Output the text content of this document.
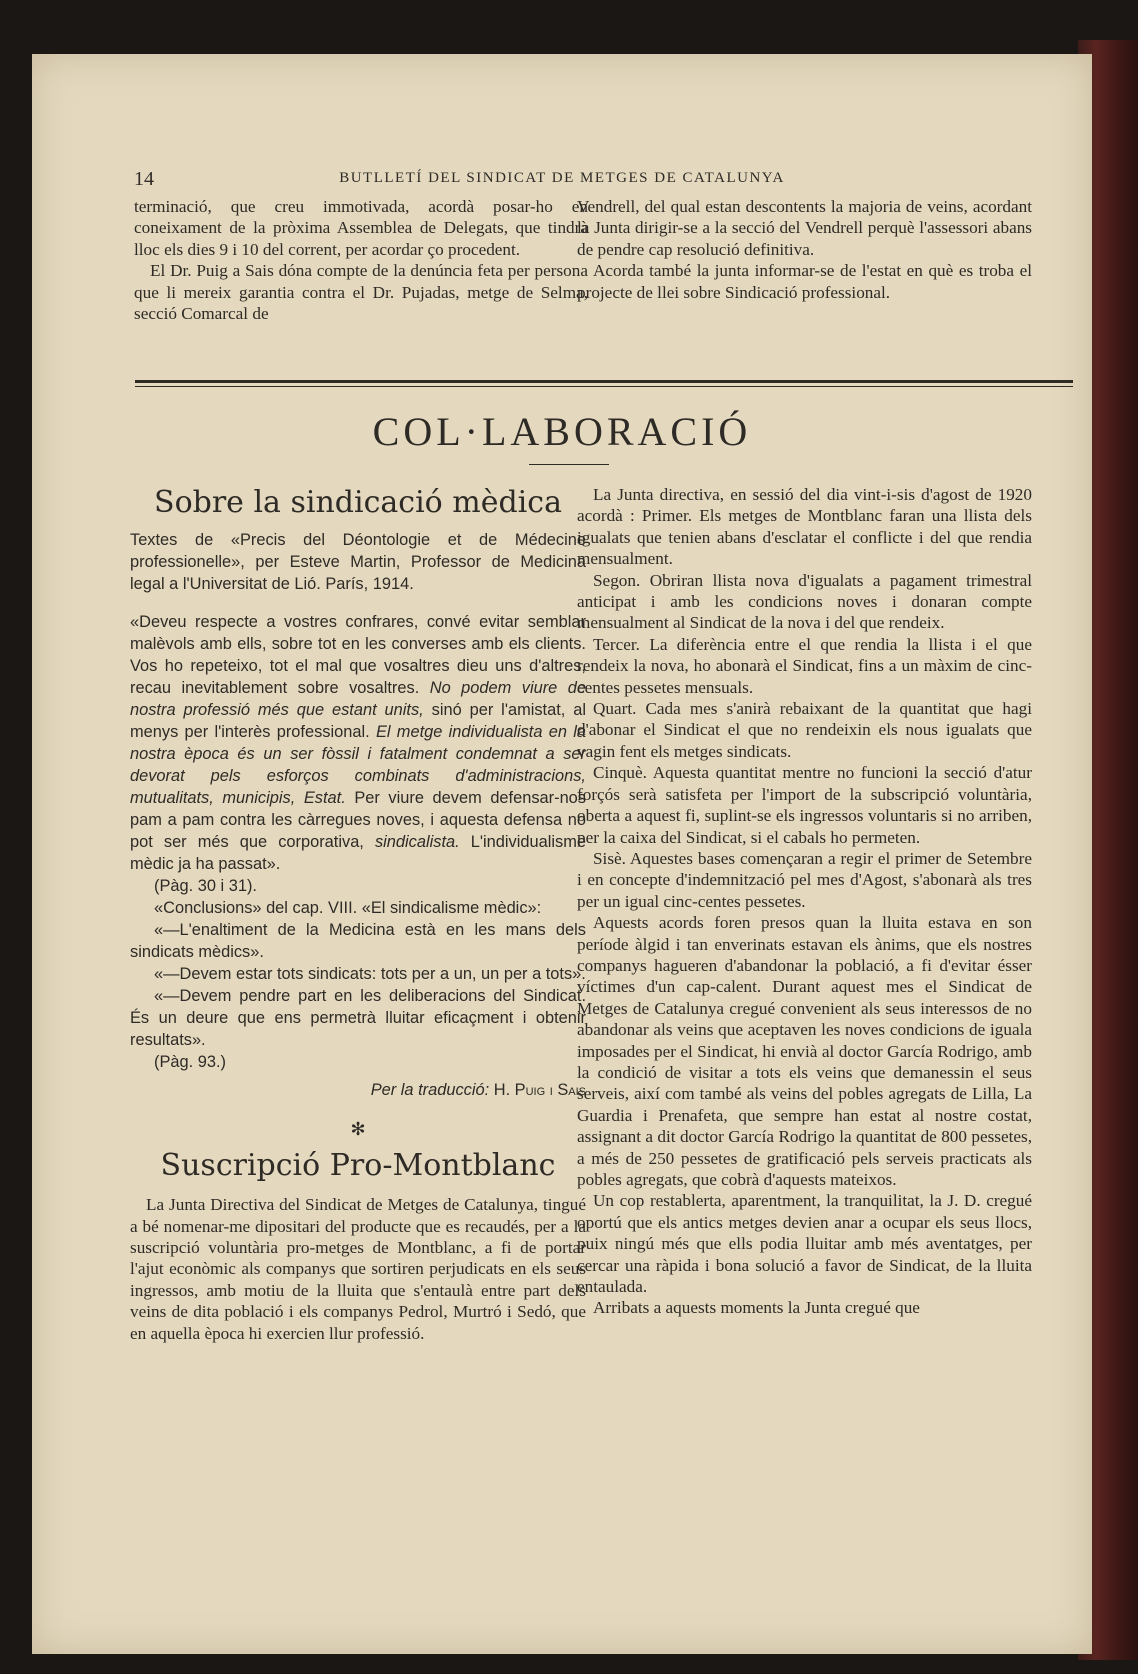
14	BUTLLETÍ DEL SINDICAT DE METGES DE CATALUNYA

terminació, que creu immotivada, acordà posar-ho en coneixament de la pròxima Assemblea de Delegats, que tindrà lloc els dies 9 i 10 del corrent, per acordar ço procedent.

El Dr. Puig a Sais dóna compte de la denúncia feta per persona que li mereix garantia contra el Dr. Pujadas, metge de Selma, secció Comarcal de

Vendrell, del qual estan descontents la majoria de veins, acordant la Junta dirigir-se a la secció del Vendrell perquè l'assessori abans de pendre cap resolució definitiva.

Acorda també la junta informar-se de l'estat en què es troba el projecte de llei sobre Sindicació professional.

COL·LABORACIÓ
Sobre la sindicació mèdica

Textes de «Precis del Déontologie et de Médecine professionelle», per Esteve Martin, Professor de Medicina legal a l'Universitat de Lió. París, 1914.

«Deveu respecte a vostres confrares, convé evitar semblar malèvols amb ells, sobre tot en les converses amb els clients. Vos ho repeteixo, tot el mal que vosaltres dieu uns d'altres, recau inevitablement sobre vosaltres. No podem viure de nostra professió més que estant units, sinó per l'amistat, al menys per l'interès professional. El metge individualista en la nostra època és un ser fòssil i fatalment condemnat a ser devorat pels esforços combinats d'administracions, mutualitats, municipis, Estat. Per viure devem defensar-nos pam a pam contra les càrregues noves, i aquesta defensa no pot ser més que corporativa, sindicalista. L'individualisme mèdic ja ha passat».

(Pàg. 30 i 31).

«Conclusions» del cap. VIII. «El sindicalisme mèdic»:

«—L'enaltiment de la Medicina està en les mans dels sindicats mèdics».

«—Devem estar tots sindicats: tots per a un, un per a tots».

«—Devem pendre part en les deliberacions del Sindicat. És un deure que ens permetrà lluitar eficaçment i obtenir resultats».

(Pàg. 93.)

Per la traducció: H. Puig i Sais

✻
Suscripció Pro-Montblanc

La Junta Directiva del Sindicat de Metges de Catalunya, tingué a bé nomenar-me dipositari del producte que es recaudés, per a la suscripció voluntària pro-metges de Montblanc, a fi de portar l'ajut econòmic als companys que sortiren perjudicats en els seus ingressos, amb motiu de la lluita que s'entaulà entre part dels veins de dita població i els companys Pedrol, Murtró i Sedó, que en aquella època hi exercien llur professió.

La Junta directiva, en sessió del dia vint-i-sis d'agost de 1920 acordà : Primer. Els metges de Montblanc faran una llista dels igualats que tenien abans d'esclatar el conflicte i del que rendia mensualment.

Segon. Obriran llista nova d'igualats a pagament trimestral anticipat i amb les condicions noves i donaran compte mensualment al Sindicat de la nova i del que rendeix.

Tercer. La diferència entre el que rendia la llista i el que rendeix la nova, ho abonarà el Sindicat, fins a un màxim de cinc-centes pessetes mensuals.

Quart. Cada mes s'anirà rebaixant de la quantitat que hagi d'abonar el Sindicat el que no rendeixin els nous igualats que vagin fent els metges sindicats.

Cinquè. Aquesta quantitat mentre no funcioni la secció d'atur forçós serà satisfeta per l'import de la subscripció voluntària, oberta a aquest fi, suplint-se els ingressos voluntaris si no arriben, per la caixa del Sindicat, si el cabals ho permeten.

Sisè. Aquestes bases començaran a regir el primer de Setembre i en concepte d'indemnització pel mes d'Agost, s'abonarà als tres per un igual cinc-centes pessetes.

Aquests acords foren presos quan la lluita estava en son període àlgid i tan enverinats estavan els ànims, que els nostres companys hagueren d'abandonar la població, a fi d'evitar ésser víctimes d'un cap-calent. Durant aquest mes el Sindicat de Metges de Catalunya cregué convenient als seus interessos de no abandonar als veins que aceptaven les noves condicions de iguala imposades per el Sindicat, hi envià al doctor García Rodrigo, amb la condició de visitar a tots els veins que demanessin el seus serveis, així com també als veins del pobles agregats de Lilla, La Guardia i Prenafeta, que sempre han estat al nostre costat, assignant a dit doctor García Rodrigo la quantitat de 800 pessetes, a més de 250 pessetes de gratificació pels serveis practicats als pobles agregats, que cobrà d'aquests mateixos.

Un cop restablerta, aparentment, la tranquilitat, la J. D. cregué oportú que els antics metges devien anar a ocupar els seus llocs, puix ningú més que ells podia lluitar amb més aventatges, per cercar una ràpida i bona solució a favor de Sindicat, de la lluita entaulada.

Arribats a aquests moments la Junta cregué que
